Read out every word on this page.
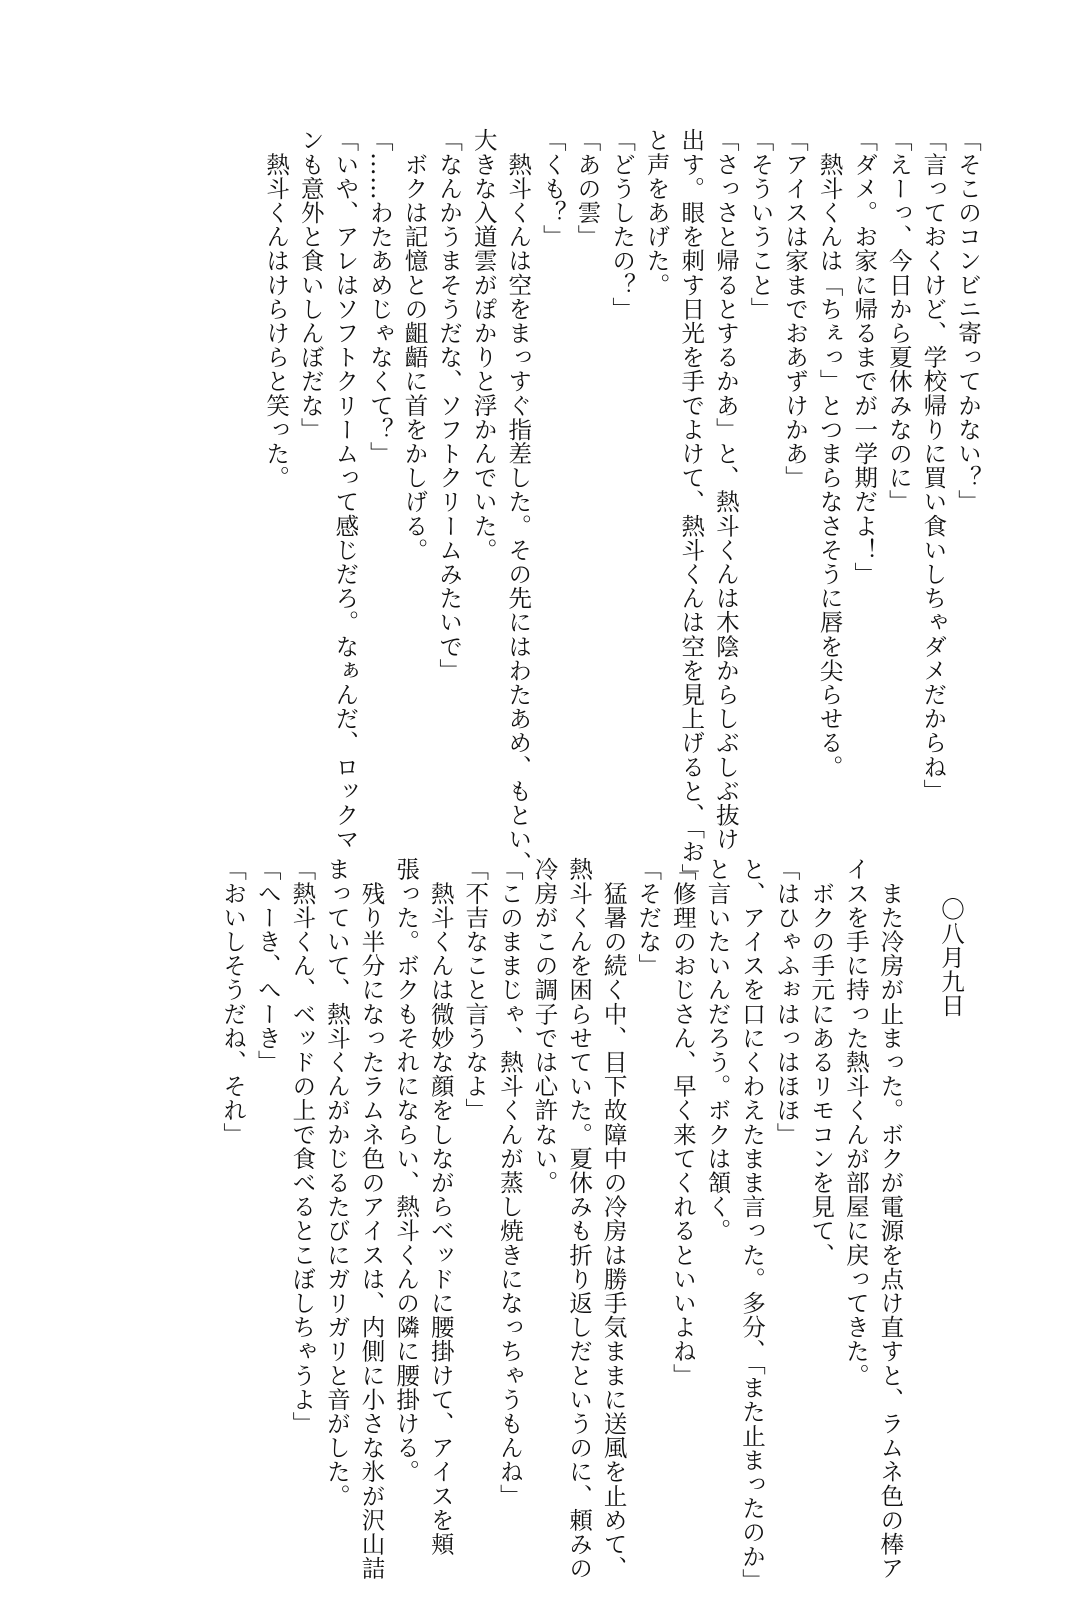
「そこのコンビニ寄ってかない？」
「言っておくけど、学校帰りに買い食いしちゃダメだからね」
「えーっ、今日から夏休みなのに」
「ダメ。お家に帰るまでが一学期だよ！」
　熱斗くんは「ちぇっ」とつまらなさそうに唇を尖らせる。
「アイスは家までおあずけかあ」
「そういうこと」
「さっさと帰るとするかあ」と、熱斗くんは木陰からしぶしぶ抜け
出す。眼を刺す日光を手でよけて、熱斗くんは空を見上げると、「お」
と声をあげた。
「どうしたの？」
「あの雲」
「くも？」
　熱斗くんは空をまっすぐ指差した。その先にはわたあめ、もとい、
大きな入道雲がぽかりと浮かんでいた。
「なんかうまそうだな、ソフトクリームみたいで」
　ボクは記憶との齟齬に首をかしげる。
「……わたあめじゃなくて？」
「いや、アレはソフトクリームって感じだろ。なぁんだ、ロックマ
ンも意外と食いしんぼだな」
　熱斗くんはけらけらと笑った。
〇八月九日
　また冷房が止まった。ボクが電源を点け直すと、ラムネ色の棒ア
イスを手に持った熱斗くんが部屋に戻ってきた。
　ボクの手元にあるリモコンを見て、
「はひゃふぉはっはほほ」
と、アイスを口にくわえたまま言った。多分、「また止まったのか」
と言いたいんだろう。ボクは頷く。
「修理のおじさん、早く来てくれるといいよね」
「そだな」
　猛暑の続く中、目下故障中の冷房は勝手気ままに送風を止めて、
熱斗くんを困らせていた。夏休みも折り返しだというのに、頼みの
冷房がこの調子では心許ない。
「このままじゃ、熱斗くんが蒸し焼きになっちゃうもんね」
「不吉なこと言うなよ」
　熱斗くんは微妙な顔をしながらベッドに腰掛けて、アイスを頬
張った。ボクもそれにならい、熱斗くんの隣に腰掛ける。
　残り半分になったラムネ色のアイスは、内側に小さな氷が沢山詰
まっていて、熱斗くんがかじるたびにガリガリと音がした。
「熱斗くん、ベッドの上で食べるとこぼしちゃうよ」
「へーき、へーき」
「おいしそうだね、それ」
